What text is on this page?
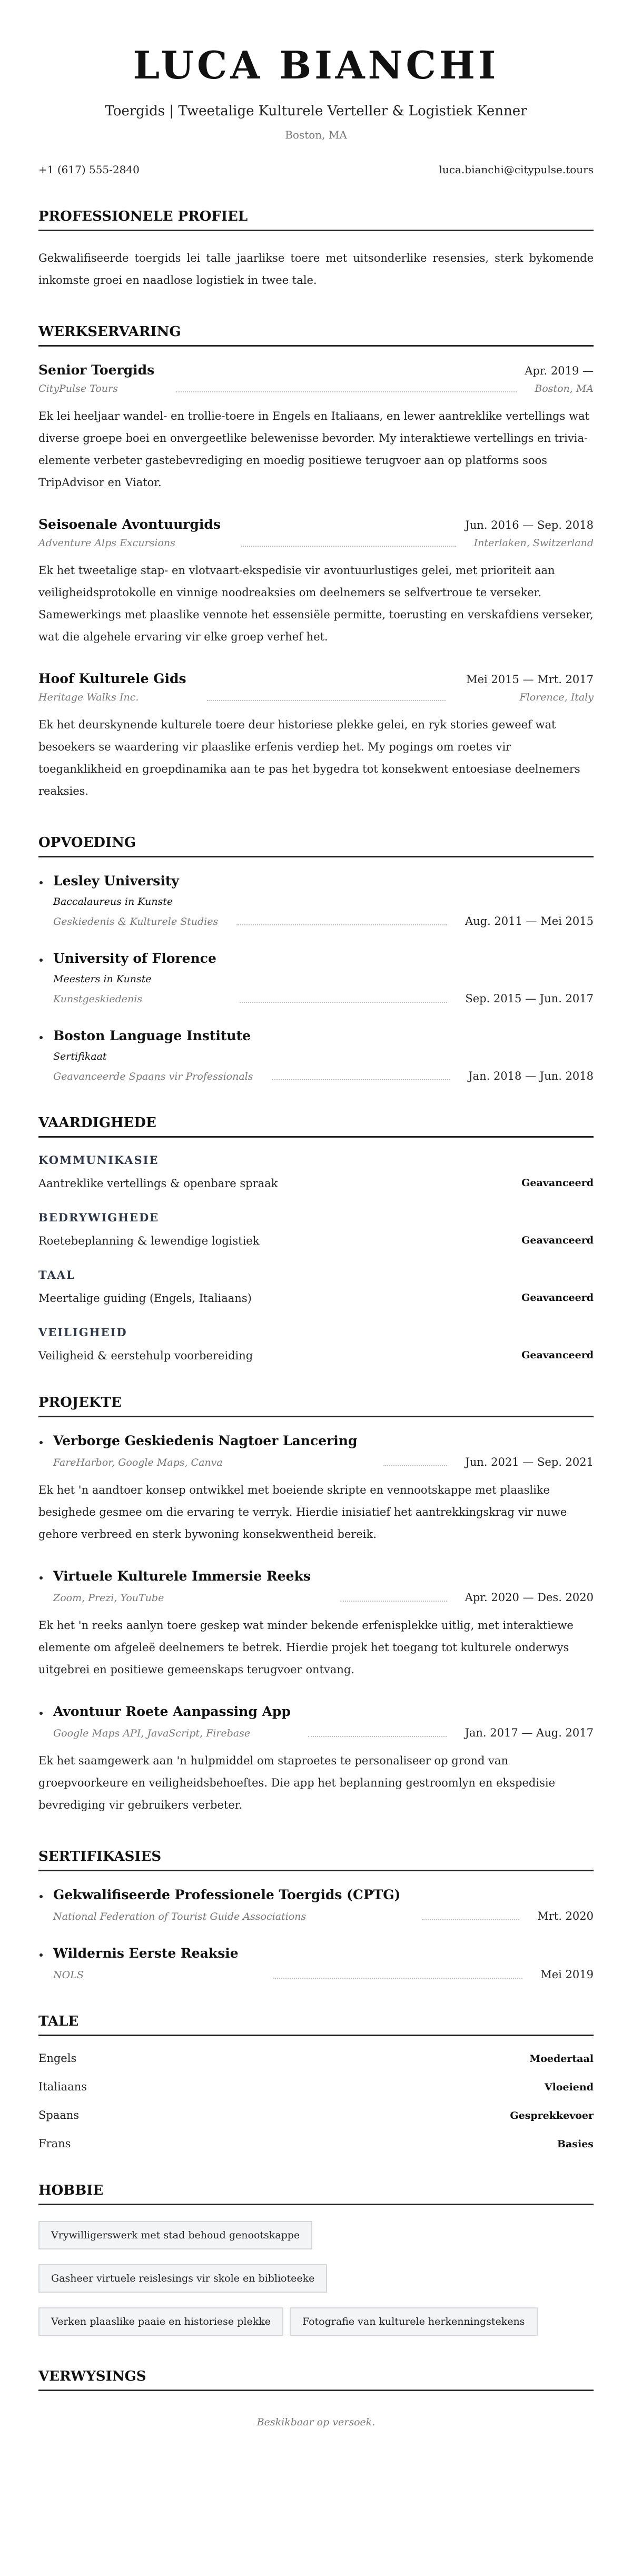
LUCA BIANCHI
Toergids | Tweetalige Kulturele Verteller & Logistiek Kenner
Boston, MA
+1 (617) 555-2840	luca.bianchi@citypulse.tours
PROFESSIONELE PROFIEL

Gekwalifiseerde toergids lei talle jaarlikse toere met uitsonderlike resensies, sterk bykomende inkomste groei en naadlose logistiek in twee tale.

WERKSERVARING
Senior Toergids	Apr. 2019 —
CityPulse Tours	Boston, MA

Ek lei heeljaar wandel- en trollie-toere in Engels en Italiaans, en lewer aantreklike vertellings wat diverse groepe boei en onvergeetlike belewenisse bevorder. My interaktiewe vertellings en trivia-elemente verbeter gastebevrediging en moedig positiewe terugvoer aan op platforms soos TripAdvisor en Viator.

Seisoenale Avontuurgids	Jun. 2016 — Sep. 2018
Adventure Alps Excursions	Interlaken, Switzerland

Ek het tweetalige stap- en vlotvaart-ekspedisie vir avontuurlustiges gelei, met prioriteit aan veiligheidsprotokolle en vinnige noodreaksies om deelnemers se selfvertroue te verseker. Samewerkings met plaaslike vennote het essensiële permitte, toerusting en verskafdiens verseker, wat die algehele ervaring vir elke groep verhef het.

Hoof Kulturele Gids	Mei 2015 — Mrt. 2017
Heritage Walks Inc.	Florence, Italy

Ek het deurskynende kulturele toere deur historiese plekke gelei, en ryk stories geweef wat besoekers se waardering vir plaaslike erfenis verdiep het. My pogings om roetes vir toeganklikheid en groepdinamika aan te pas het bygedra tot konsekwent entoesiase deelnemers reaksies.

OPVOEDING
Lesley University
Baccalaureus in Kunste
Geskiedenis & Kulturele Studies	Aug. 2011 — Mei 2015
University of Florence
Meesters in Kunste
Kunstgeskiedenis	Sep. 2015 — Jun. 2017
Boston Language Institute
Sertifikaat
Geavanceerde Spaans vir Professionals	Jan. 2018 — Jun. 2018
VAARDIGHEDE
KOMMUNIKASIE
Aantreklike vertellings & openbare spraak	Geavanceerd
BEDRYWIGHEDE
Roetebeplanning & lewendige logistiek	Geavanceerd
TAAL
Meertalige guiding (Engels, Italiaans)	Geavanceerd
VEILIGHEID
Veiligheid & eerstehulp voorbereiding	Geavanceerd
PROJEKTE
Verborge Geskiedenis Nagtoer Lancering
FareHarbor, Google Maps, Canva	Jun. 2021 — Sep. 2021

Ek het 'n aandtoer konsep ontwikkel met boeiende skripte en vennootskappe met plaaslike besighede gesmee om die ervaring te verryk. Hierdie inisiatief het aantrekkingskrag vir nuwe gehore verbreed en sterk bywoning konsekwentheid bereik.

Virtuele Kulturele Immersie Reeks
Zoom, Prezi, YouTube	Apr. 2020 — Des. 2020

Ek het 'n reeks aanlyn toere geskep wat minder bekende erfenisplekke uitlig, met interaktiewe elemente om afgeleë deelnemers te betrek. Hierdie projek het toegang tot kulturele onderwys uitgebrei en positiewe gemeenskaps terugvoer ontvang.

Avontuur Roete Aanpassing App
Google Maps API, JavaScript, Firebase	Jan. 2017 — Aug. 2017

Ek het saamgewerk aan 'n hulpmiddel om staproetes te personaliseer op grond van groepvoorkeure en veiligheidsbehoeftes. Die app het beplanning gestroomlyn en ekspedisie bevrediging vir gebruikers verbeter.

SERTIFIKASIES
Gekwalifiseerde Professionele Toergids (CPTG)
National Federation of Tourist Guide Associations	Mrt. 2020
Wildernis Eerste Reaksie
NOLS	Mei 2019
TALE
Engels	Moedertaal
Italiaans	Vloeiend
Spaans	Gesprekkevoer
Frans	Basies
HOBBIE
Vrywilligerswerk met stad behoud genootskappe
Gasheer virtuele reislesings vir skole en biblioteeke
Verken plaaslike paaie en historiese plekke	Fotografie van kulturele herkenningstekens
VERWYSINGS

Beskikbaar op versoek.
